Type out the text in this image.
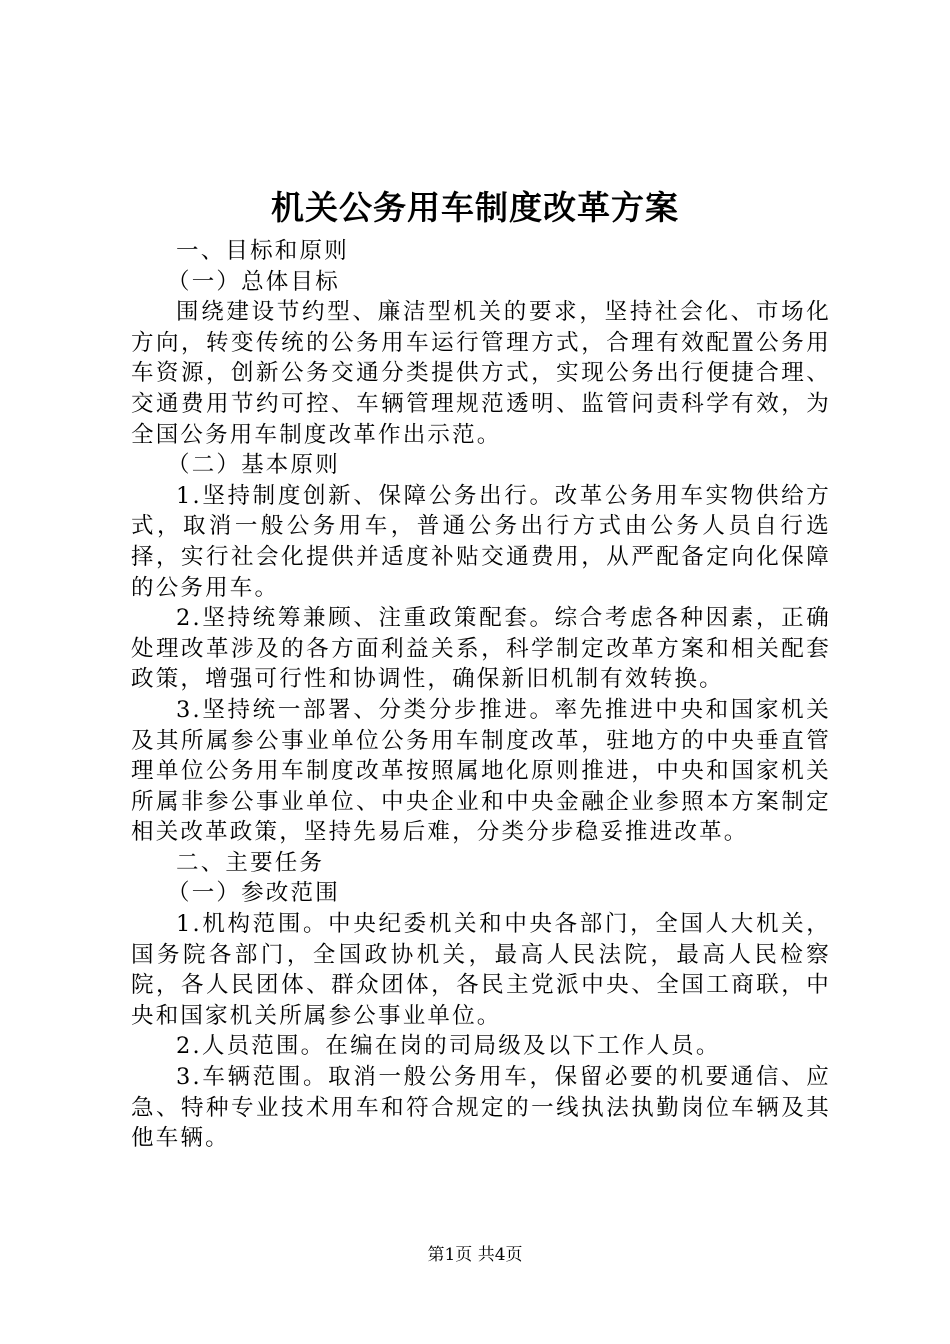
机关公务用车制度改革方案

一、目标和原则

（一）总体目标

围绕建设节约型、廉洁型机关的要求，坚持社会化、市场化方向，转变传统的公务用车运行管理方式，合理有效配置公务用车资源，创新公务交通分类提供方式，实现公务出行便捷合理、交通费用节约可控、车辆管理规范透明、监管问责科学有效，为全国公务用车制度改革作出示范。

（二）基本原则

1.坚持制度创新、保障公务出行。改革公务用车实物供给方式，取消一般公务用车，普通公务出行方式由公务人员自行选择，实行社会化提供并适度补贴交通费用，从严配备定向化保障的公务用车。

2.坚持统筹兼顾、注重政策配套。综合考虑各种因素，正确处理改革涉及的各方面利益关系，科学制定改革方案和相关配套政策，增强可行性和协调性，确保新旧机制有效转换。

3.坚持统一部署、分类分步推进。率先推进中央和国家机关及其所属参公事业单位公务用车制度改革，驻地方的中央垂直管理单位公务用车制度改革按照属地化原则推进，中央和国家机关所属非参公事业单位、中央企业和中央金融企业参照本方案制定相关改革政策，坚持先易后难，分类分步稳妥推进改革。

二、主要任务

（一）参改范围

1.机构范围。中央纪委机关和中央各部门，全国人大机关，国务院各部门，全国政协机关，最高人民法院，最高人民检察院，各人民团体、群众团体，各民主党派中央、全国工商联，中央和国家机关所属参公事业单位。

2.人员范围。在编在岗的司局级及以下工作人员。

3.车辆范围。取消一般公务用车，保留必要的机要通信、应急、特种专业技术用车和符合规定的一线执法执勤岗位车辆及其他车辆。

第1页 共4页
